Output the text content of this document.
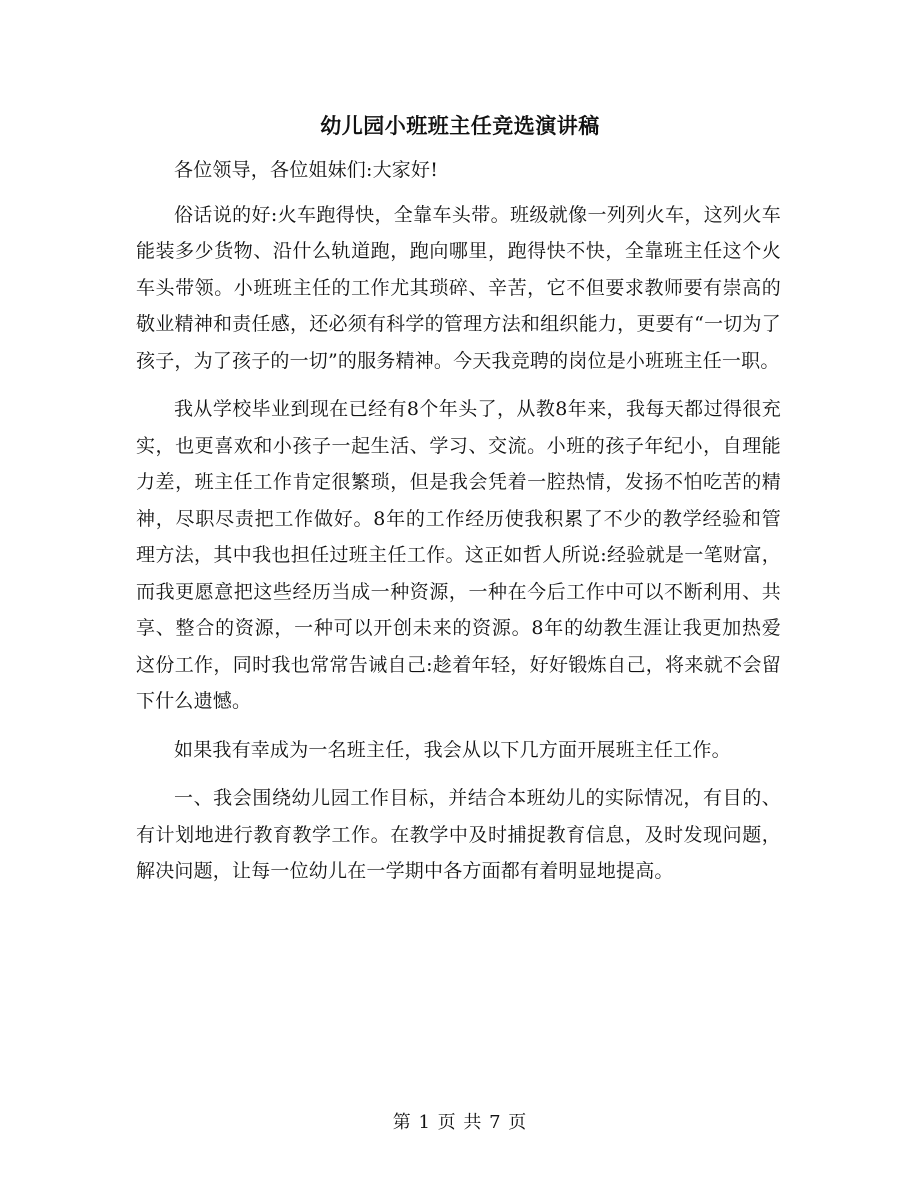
幼儿园小班班主任竞选演讲稿

各位领导，各位姐妹们:大家好!

俗话说的好:火车跑得快，全靠车头带。班级就像一列列火车，这列火车能装多少货物、沿什么轨道跑，跑向哪里，跑得快不快，全靠班主任这个火车头带领。小班班主任的工作尤其琐碎、辛苦，它不但要求教师要有崇高的敬业精神和责任感，还必须有科学的管理方法和组织能力，更要有“一切为了孩子，为了孩子的一切”的服务精神。今天我竞聘的岗位是小班班主任一职。

我从学校毕业到现在已经有8个年头了，从教8年来，我每天都过得很充实，也更喜欢和小孩子一起生活、学习、交流。小班的孩子年纪小，自理能力差，班主任工作肯定很繁琐，但是我会凭着一腔热情，发扬不怕吃苦的精神，尽职尽责把工作做好。8年的工作经历使我积累了不少的教学经验和管理方法，其中我也担任过班主任工作。这正如哲人所说:经验就是一笔财富，而我更愿意把这些经历当成一种资源，一种在今后工作中可以不断利用、共享、整合的资源，一种可以开创未来的资源。8年的幼教生涯让我更加热爱这份工作，同时我也常常告诫自己:趁着年轻，好好锻炼自己，将来就不会留下什么遗憾。

如果我有幸成为一名班主任，我会从以下几方面开展班主任工作。

一、我会围绕幼儿园工作目标，并结合本班幼儿的实际情况，有目的、有计划地进行教育教学工作。在教学中及时捕捉教育信息，及时发现问题，解决问题，让每一位幼儿在一学期中各方面都有着明显地提高。

第 1 页 共 7 页
